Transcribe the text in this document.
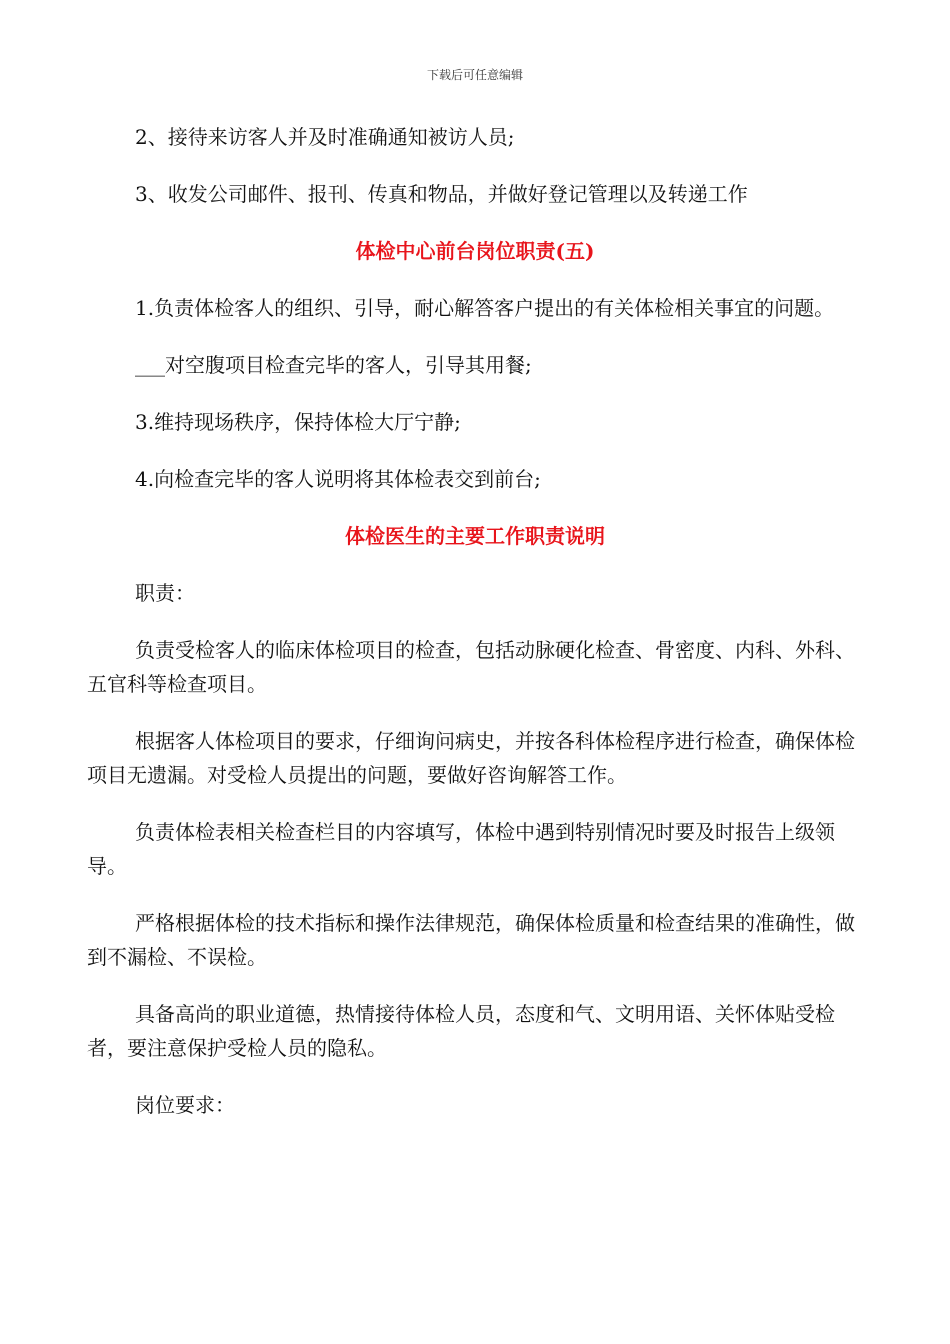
下载后可任意编辑

2、接待来访客人并及时准确通知被访人员;

3、收发公司邮件、报刊、传真和物品，并做好登记管理以及转递工作

体检中心前台岗位职责(五)

1.负责体检客人的组织、引导，耐心解答客户提出的有关体检相关事宜的问题。

___对空腹项目检查完毕的客人，引导其用餐;

3.维持现场秩序，保持体检大厅宁静;

4.向检查完毕的客人说明将其体检表交到前台;

体检医生的主要工作职责说明

职责：

负责受检客人的临床体检项目的检查，包括动脉硬化检查、骨密度、内科、外科、五官科等检查项目。

根据客人体检项目的要求，仔细询问病史，并按各科体检程序进行检查，确保体检项目无遗漏。对受检人员提出的问题，要做好咨询解答工作。

负责体检表相关检查栏目的内容填写，体检中遇到特别情况时要及时报告上级领导。

严格根据体检的技术指标和操作法律规范，确保体检质量和检查结果的准确性，做到不漏检、不误检。

具备高尚的职业道德，热情接待体检人员，态度和气、文明用语、关怀体贴受检者，要注意保护受检人员的隐私。

岗位要求：
